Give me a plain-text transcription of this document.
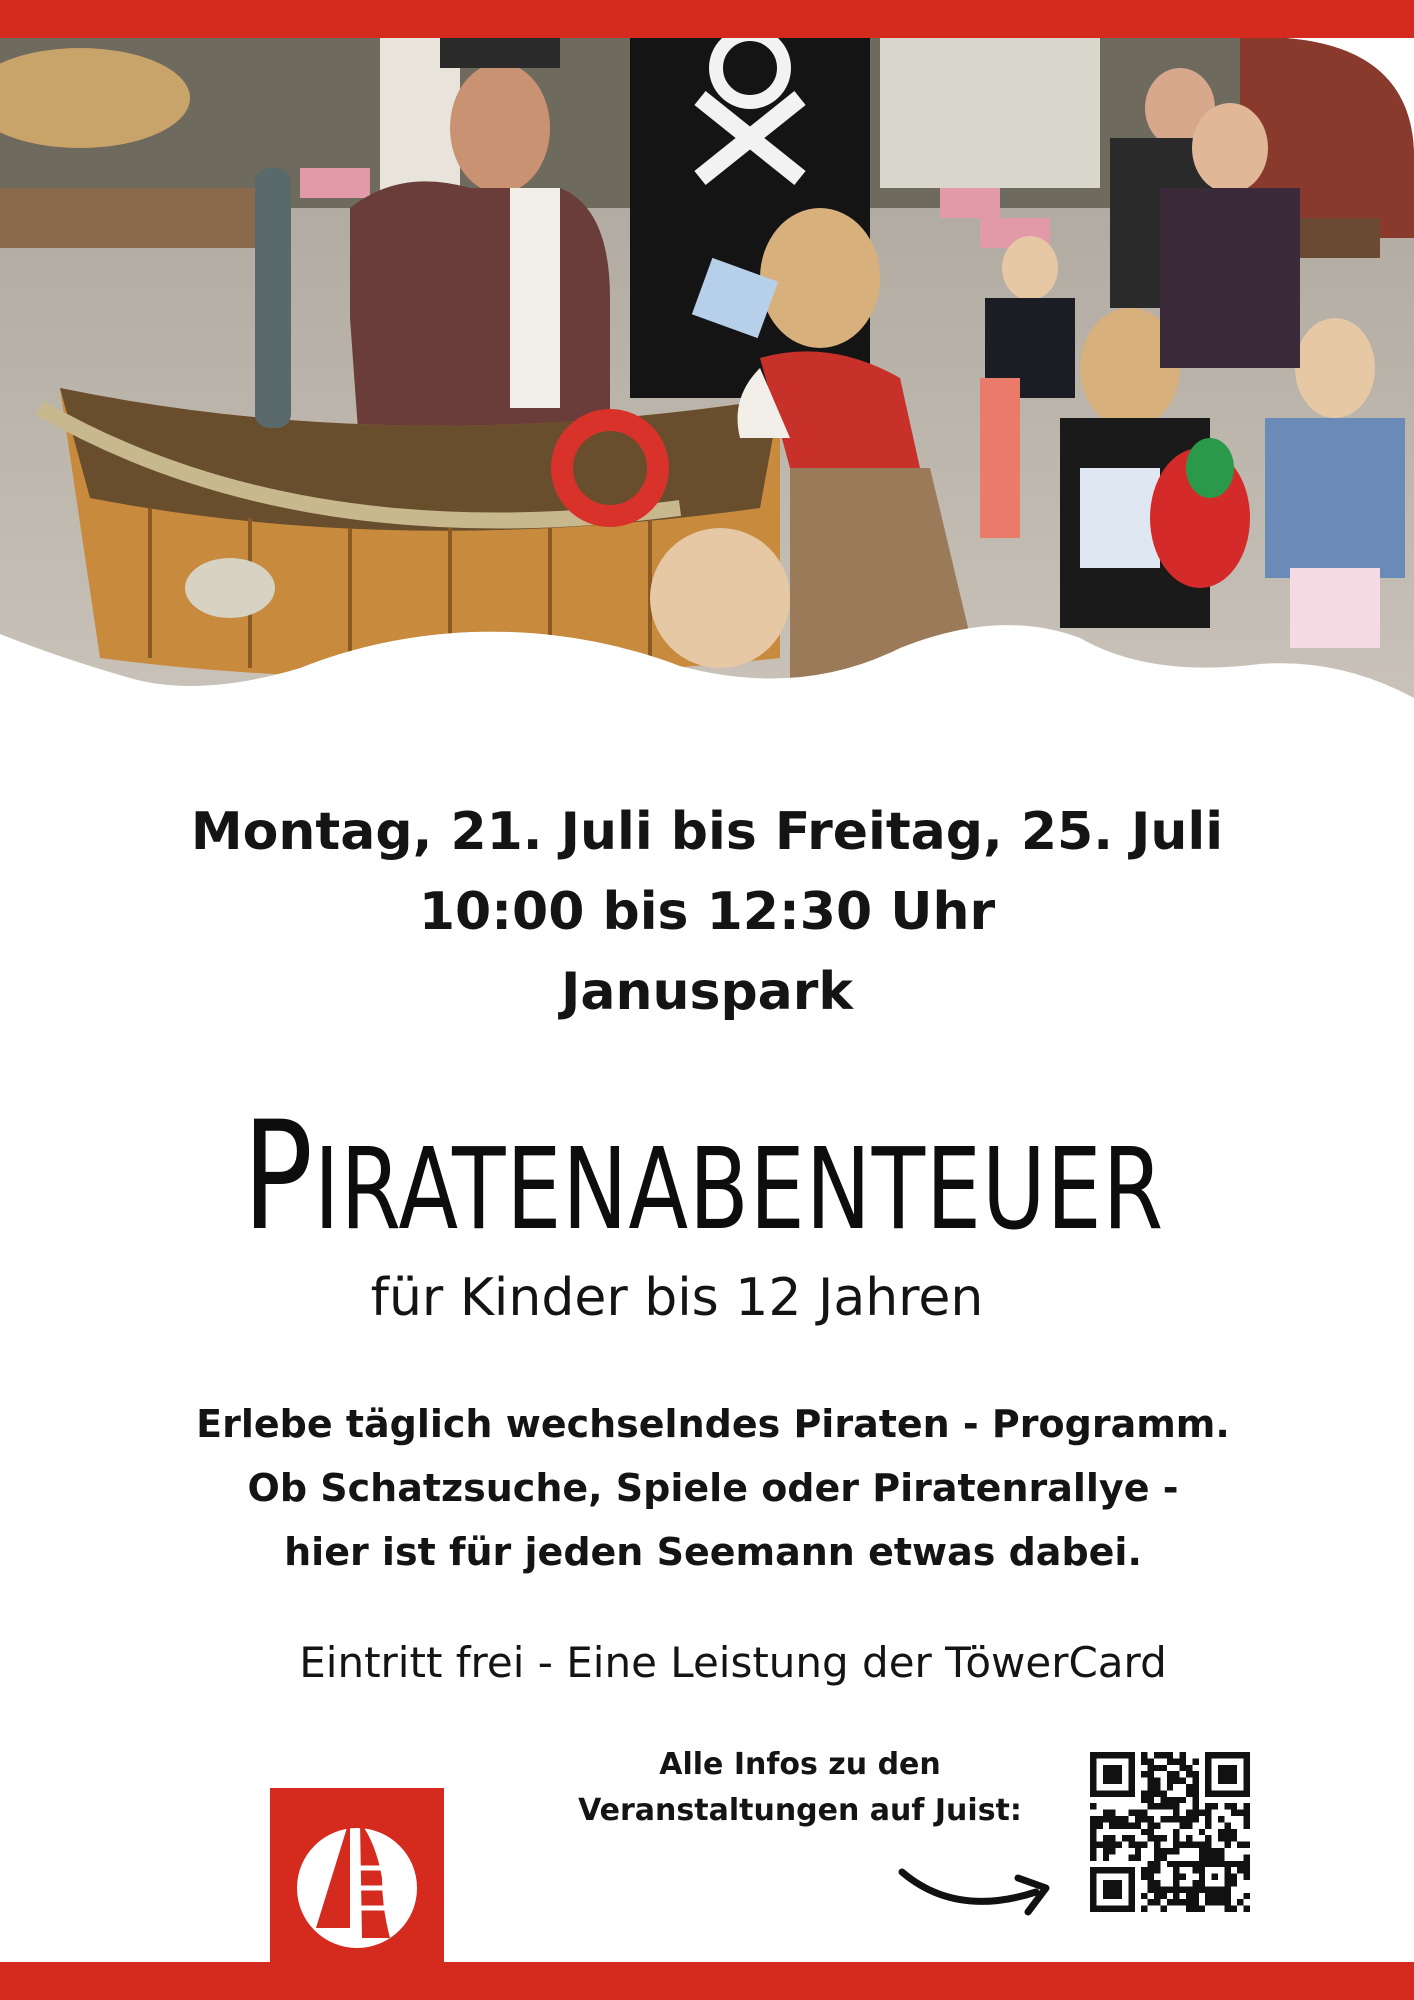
Montag, 21. Juli bis Freitag, 25. Juli
10:00 bis 12:30 Uhr
Januspark
PIRATENABENTEUER
für Kinder bis 12 Jahren
Erlebe täglich wechselndes Piraten - Programm.
Ob Schatzsuche, Spiele oder Piratenrallye -
hier ist für jeden Seemann etwas dabei.
Eintritt frei - Eine Leistung der TöwerCard
Alle Infos zu den
Veranstaltungen auf Juist:
